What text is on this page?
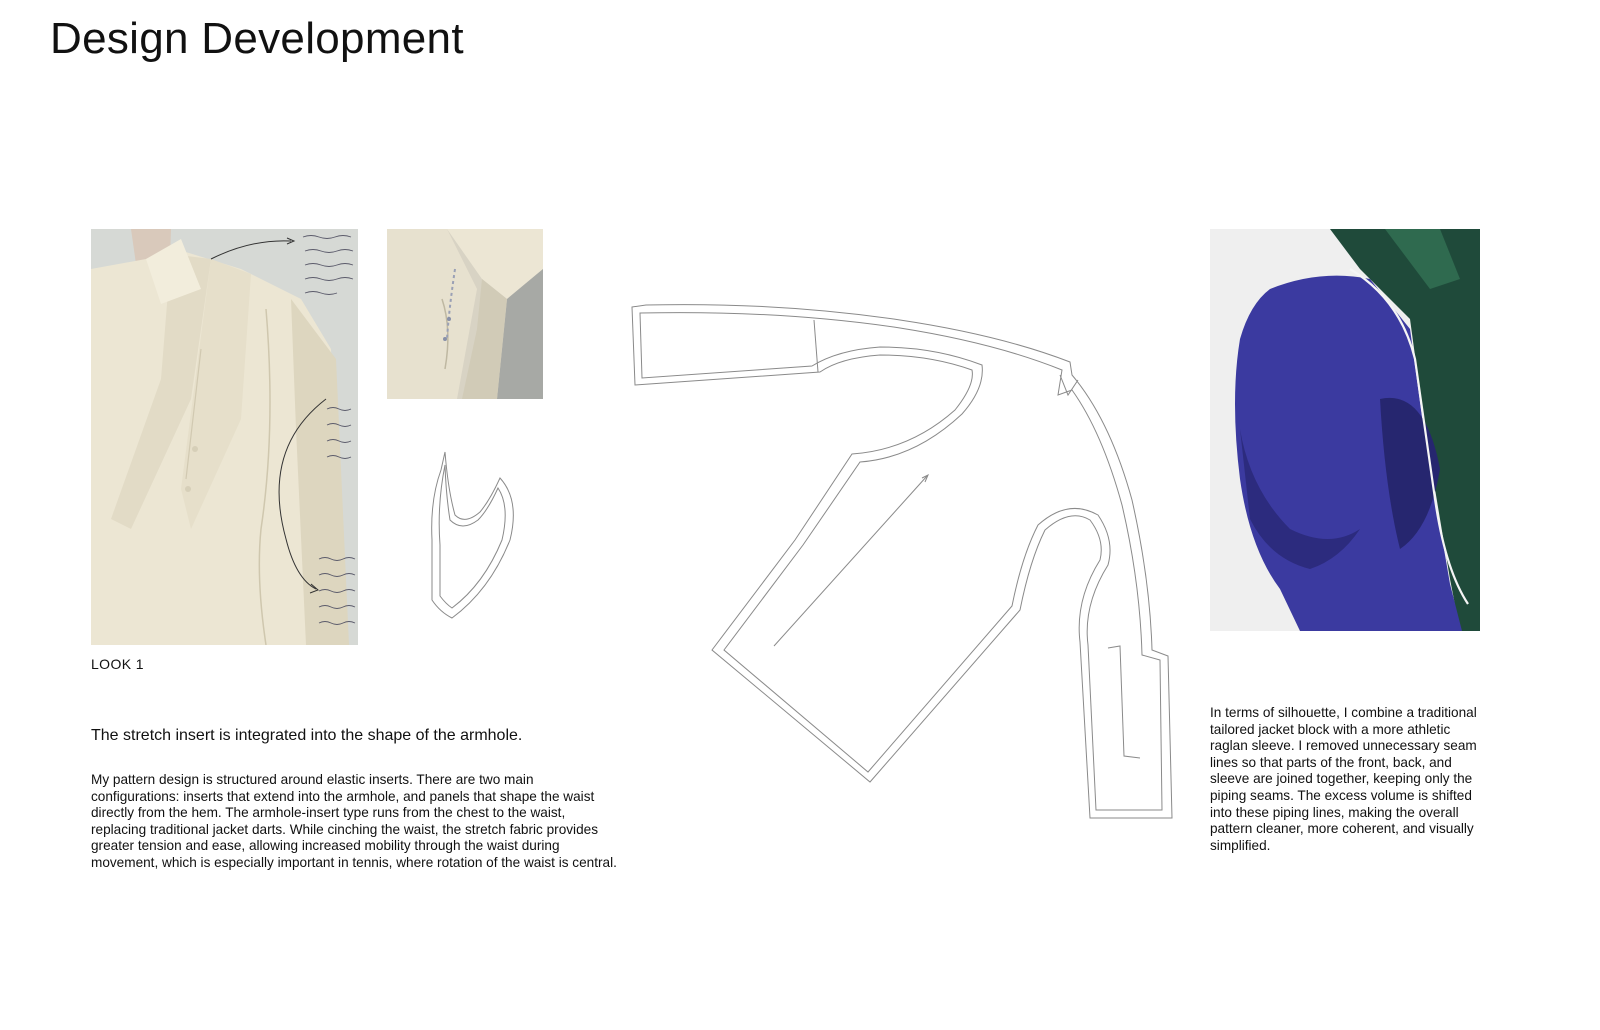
Design Development
LOOK 1
The stretch insert is integrated into the shape of the armhole.

My pattern design is structured around elastic inserts. There are two main configurations: inserts that extend into the armhole, and panels that shape the waist directly from the hem. The armhole-insert type runs from the chest to the waist, replacing traditional jacket darts. While cinching the waist, the stretch fabric provides greater tension and ease, allowing increased mobility through the waist during movement, which is especially important in tennis, where rotation of the waist is central.

In terms of silhouette, I combine a traditional tailored jacket block with a more athletic raglan sleeve. I removed unnecessary seam lines so that parts of the front, back, and sleeve are joined together, keeping only the piping seams. The excess volume is shifted into these piping lines, making the overall pattern cleaner, more coherent, and visually simplified.
